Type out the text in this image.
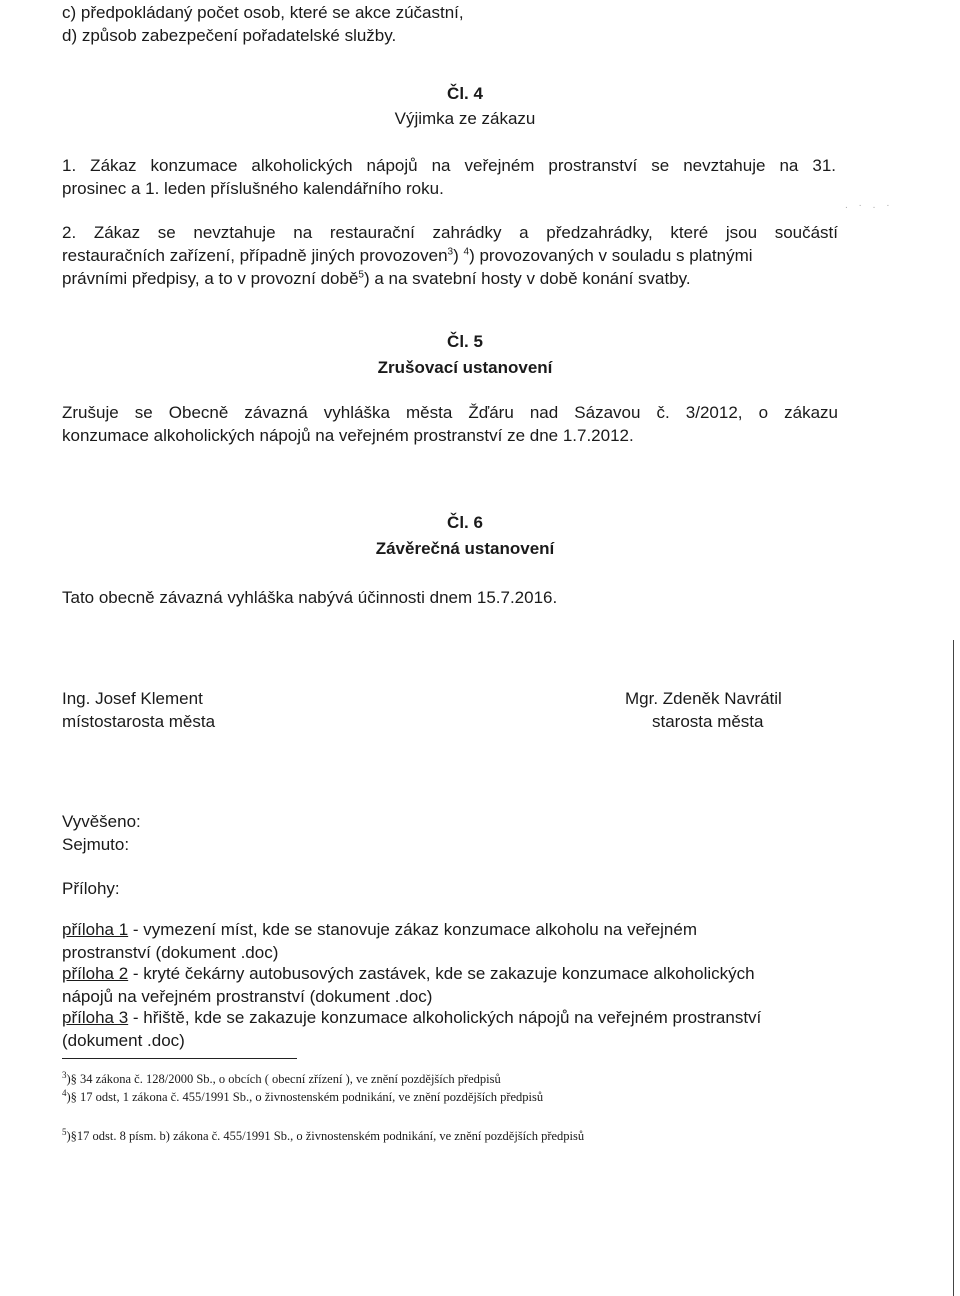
c) předpokládaný počet osob, které se akce zúčastní,
d) způsob zabezpečení pořadatelské služby.
Čl. 4
Výjimka ze zákazu
1. Zákaz konzumace alkoholických nápojů na veřejném prostranství se nevztahuje na 31.
prosinec a 1. leden příslušného kalendářního roku.
2. Zákaz se nevztahuje na restaurační zahrádky a předzahrádky, které jsou součástí
restauračních zařízení, případně jiných provozoven$^3$) $^4$) provozovaných v souladu s platnými
právními předpisy, a to v provozní době$^5$) a na svatební hosty v době konání svatby.
. · . ·
Čl. 5
Zrušovací ustanovení
Zrušuje se Obecně závazná vyhláška města Žďáru nad Sázavou č. 3/2012, o zákazu
konzumace alkoholických nápojů na veřejném prostranství ze dne 1.7.2012.
Čl. 6
Závěrečná ustanovení
Tato obecně závazná vyhláška nabývá účinnosti dnem 15.7.2016.
Ing. Josef Klement
místostarosta města
Mgr. Zdeněk Navrátil
starosta města
Vyvěšeno:
Sejmuto:
Přílohy:
příloha 1 - vymezení míst, kde se stanovuje zákaz konzumace alkoholu na veřejném
prostranství (dokument .doc)
příloha 2 - kryté čekárny autobusových zastávek, kde se zakazuje konzumace alkoholických
nápojů na veřejném prostranství (dokument .doc)
příloha 3 - hřiště, kde se zakazuje konzumace alkoholických nápojů na veřejném prostranství
(dokument .doc)
$^3$)§ 34 zákona č. 128/2000 Sb., o obcích ( obecní zřízení ), ve znění pozdějších předpisů
$^4$)§ 17 odst, 1 zákona č. 455/1991 Sb., o živnostenském podnikání, ve znění pozdějších předpisů
$^5$)§17 odst. 8 písm. b) zákona č. 455/1991 Sb., o živnostenském podnikání, ve znění pozdějších předpisů
